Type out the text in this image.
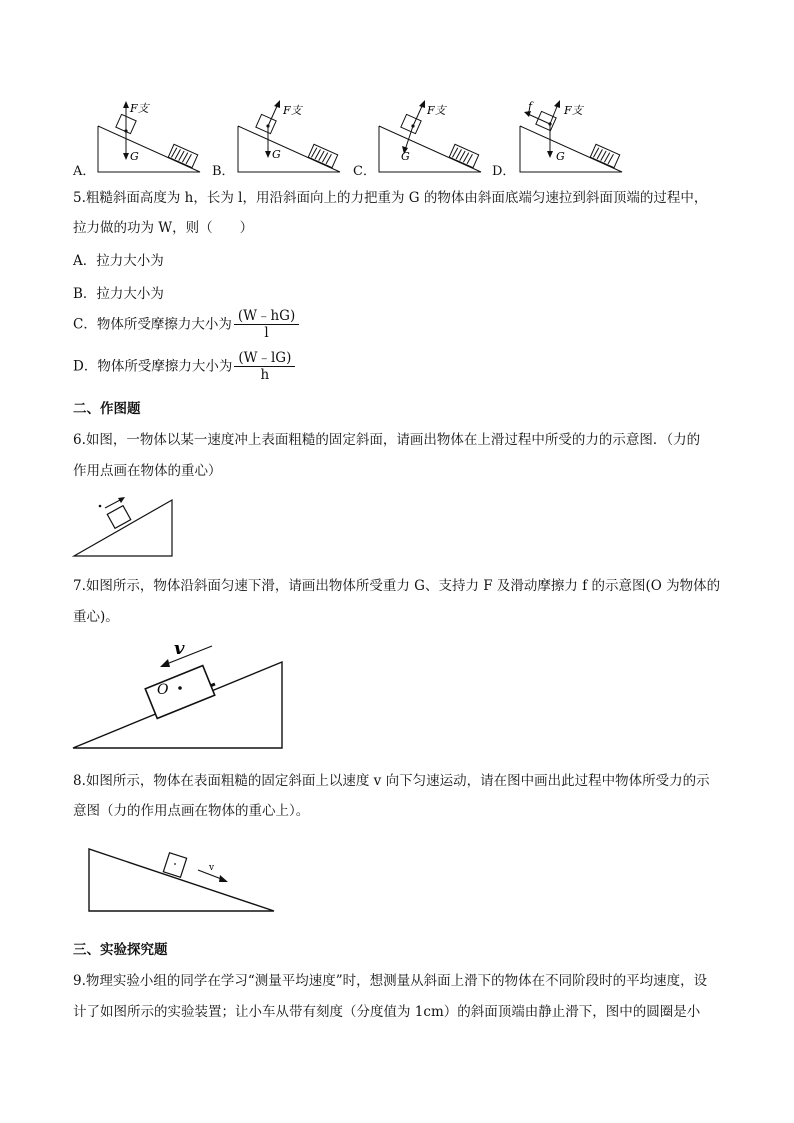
A．
F支
G
B．
F支
G
C．
F支
G
D．
f	F支
G
5.粗糙斜面高度为 h，长为 l，用沿斜面向上的力把重为 G 的物体由斜面底端匀速拉到斜面顶端的过程中，
拉力做的功为 W，则（　　）
A．拉力大小为
B．拉力大小为
C．物体所受摩擦力大小为 $\frac{(W﹣hG)}{l}$
D．物体所受摩擦力大小为 $\frac{(W﹣lG)}{h}$
二、作图题
6.如图，一物体以某一速度冲上表面粗糙的固定斜面，请画出物体在上滑过程中所受的力的示意图．（力的
作用点画在物体的重心）
7.如图所示，物体沿斜面匀速下滑，请画出物体所受重力 G、支持力 F 及滑动摩擦力 f 的示意图(O 为物体的
重心)。
O
v
8.如图所示，物体在表面粗糙的固定斜面上以速度 v 向下匀速运动，请在图中画出此过程中物体所受力的示
意图（力的作用点画在物体的重心上）。
v
三、实验探究题
9.物理实验小组的同学在学习“测量平均速度”时，想测量从斜面上滑下的物体在不同阶段时的平均速度，设
计了如图所示的实验装置；让小车从带有刻度（分度值为 1cm）的斜面顶端由静止滑下，图中的圆圈是小
